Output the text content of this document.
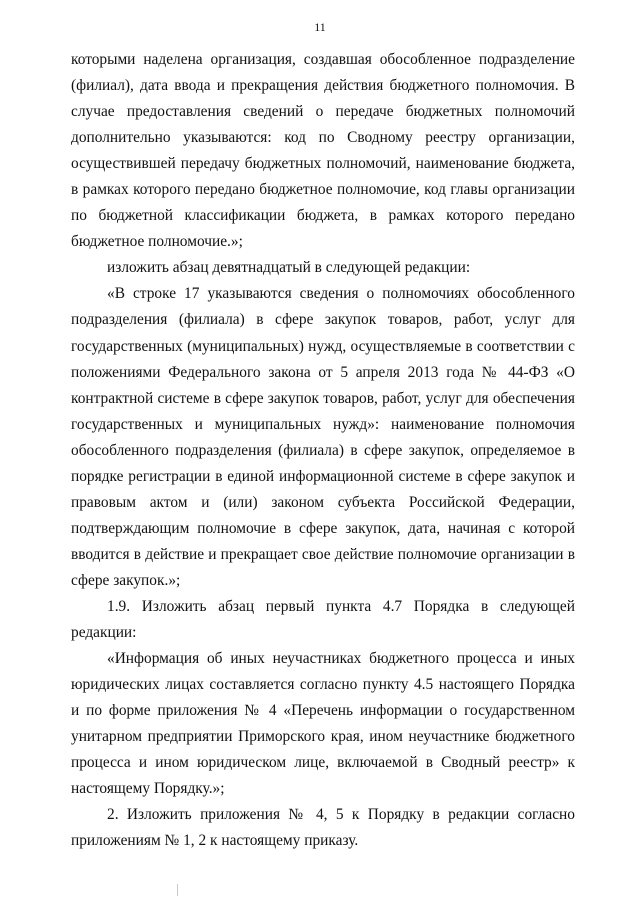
11

которыми наделена организация, создавшая обособленное подразделение (филиал), дата ввода и прекращения действия бюджетного полномочия. В случае предоставления сведений о передаче бюджетных полномочий дополнительно указываются: код по Сводному реестру организации, осуществившей передачу бюджетных полномочий, наименование бюджета, в рамках которого передано бюджетное полномочие, код главы организации по бюджетной классификации бюджета, в рамках которого передано бюджетное полномочие.»;

изложить абзац девятнадцатый в следующей редакции:

«В строке 17 указываются сведения о полномочиях обособленного подразделения (филиала) в сфере закупок товаров, работ, услуг для государственных (муниципальных) нужд, осуществляемые в соответствии с положениями Федерального закона от 5 апреля 2013 года № 44-ФЗ «О контрактной системе в сфере закупок товаров, работ, услуг для обеспечения государственных и муниципальных нужд»: наименование полномочия обособленного подразделения (филиала) в сфере закупок, определяемое в порядке регистрации в единой информационной системе в сфере закупок и правовым актом и (или) законом субъекта Российской Федерации, подтверждающим полномочие в сфере закупок, дата, начиная с которой вводится в действие и прекращает свое действие полномочие организации в сфере закупок.»;

1.9. Изложить абзац первый пункта 4.7 Порядка в следующей редакции:

«Информация об иных неучастниках бюджетного процесса и иных юридических лицах составляется согласно пункту 4.5 настоящего Порядка и по форме приложения № 4 «Перечень информации о государственном унитарном предприятии Приморского края, ином неучастнике бюджетного процесса и ином юридическом лице, включаемой в Сводный реестр» к настоящему Порядку.»;

2. Изложить приложения № 4, 5 к Порядку в редакции согласно приложениям № 1, 2 к настоящему приказу.
